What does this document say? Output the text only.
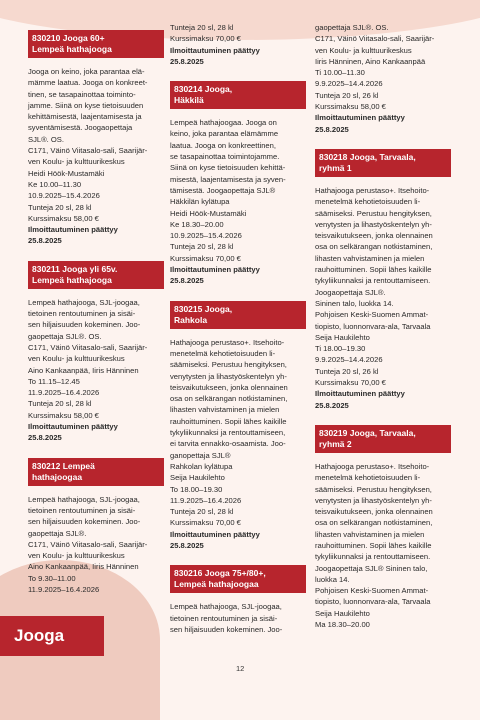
830210 Jooga 60+
Lempeä hathajooga
Jooga on keino, joka parantaa elä-
mämme laatua. Jooga on konkreet-
tinen, se tasapainottaa toiminto-
jamme. Siinä on kyse tietoisuuden
kehittämisestä, laajentamisesta ja
syventämisestä. Joogaopettaja
SJL®. OS.
C171, Väinö Viitasalo-sali, Saarijär-
ven Koulu- ja kulttuurikeskus
Heidi Höök-Mustamäki
Ke 10.00–11.30
10.9.2025–15.4.2026
Tunteja 20 sl, 28 kl
Kurssimaksu 58,00 €
Ilmoittautuminen päättyy
25.8.2025
830211 Jooga yli 65v.
Lempeä hathajooga
Lempeä hathajooga, SJL-joogaa,
tietoinen rentoutuminen ja sisäi-
sen hiljaisuuden kokeminen. Joo-
gaopettaja SJL®. OS.
C171, Väinö Viitasalo-sali, Saarijär-
ven Koulu- ja kulttuurikeskus
Aino Kankaanpää, Iiris Hänninen
To 11.15–12.45
11.9.2025–16.4.2026
Tunteja 20 sl, 28 kl
Kurssimaksu 58,00 €
Ilmoittautuminen päättyy
25.8.2025
830212 Lempeä
hathajoogaa
Lempeä hathajooga, SJL-joogaa,
tietoinen rentoutuminen ja sisäi-
sen hiljaisuuden kokeminen. Joo-
gaopettaja SJL®.
C171, Väinö Viitasalo-sali, Saarijär-
ven Koulu- ja kulttuurikeskus
Aino Kankaanpää, Iiris Hänninen
To 9.30–11.00
11.9.2025–16.4.2026
Tunteja 20 sl, 28 kl
Kurssimaksu 70,00 €
Ilmoittautuminen päättyy
25.8.2025
830214 Jooga,
Häkkilä
Lempeä hathajoogaa. Jooga on
keino, joka parantaa elämämme
laatua. Jooga on konkreettinen,
se tasapainottaa toimintojamme.
Siinä on kyse tietoisuuden kehittä-
misestä, laajentamisesta ja syven-
tämisestä. Joogaopettaja SJL®
Häkkilän kylätupa
Heidi Höök-Mustamäki
Ke 18.30–20.00
10.9.2025–15.4.2026
Tunteja 20 sl, 28 kl
Kurssimaksu 70,00 €
Ilmoittautuminen päättyy
25.8.2025
830215 Jooga,
Rahkola
Hathajooga perustaso+. Itsehoito-
menetelmä kehotietoisuuden li-
säämiseksi. Perustuu hengityksen,
venytysten ja lihastyöskentelyn yh-
teisvaikutukseen, jonka olennainen
osa on selkärangan notkistaminen,
lihasten vahvistaminen ja mielen
rauhoittuminen. Sopii lähes kaikille
tykyliikunnaksi ja rentouttamiseen,
ei tarvita ennakko-osaamista. Joo-
ganopettaja SJL®
Rahkolan kylätupa
Seija Haukilehto
To 18.00–19.30
11.9.2025–16.4.2026
Tunteja 20 sl, 28 kl
Kurssimaksu 70,00 €
Ilmoittautuminen päättyy
25.8.2025
830216 Jooga 75+/80+,
Lempeä hathajoogaa
Lempeä hathajooga, SJL-joogaa,
tietoinen rentoutuminen ja sisäi-
sen hiljaisuuden kokeminen. Joo-
gaopettaja SJL®. OS.
C171, Väinö Viitasalo-sali, Saarijär-
ven Koulu- ja kulttuurikeskus
Iiris Hänninen, Aino Kankaanpää
Ti 10.00–11.30
9.9.2025–14.4.2026
Tunteja 20 sl, 26 kl
Kurssimaksu 58,00 €
Ilmoittautuminen päättyy
25.8.2025
830218 Jooga, Tarvaala,
ryhmä 1
Hathajooga perustaso+. Itsehoito-
menetelmä kehotietoisuuden li-
säämiseksi. Perustuu hengityksen,
venytysten ja lihastyöskentelyn yh-
teisvaikutukseen, jonka olennainen
osa on selkärangan notkistaminen,
lihasten vahvistaminen ja mielen
rauhoittuminen. Sopii lähes kaikille
tykyliikunnaksi ja rentouttamiseen.
Joogaopettaja SJL®.
Sininen talo, luokka 14.
Pohjoisen Keski-Suomen Ammat-
tiopisto, luonnonvara-ala, Tarvaala
Seija Haukilehto
Ti 18.00–19.30
9.9.2025–14.4.2026
Tunteja 20 sl, 26 kl
Kurssimaksu 70,00 €
Ilmoittautuminen päättyy
25.8.2025
830219 Jooga, Tarvaala,
ryhmä 2
Hathajooga perustaso+. Itsehoito-
menetelmä kehotietoisuuden li-
säämiseksi. Perustuu hengityksen,
venytysten ja lihastyöskentelyn yh-
teisvaikutukseen, jonka olennainen
osa on selkärangan notkistaminen,
lihasten vahvistaminen ja mielen
rauhoittuminen. Sopii lähes kaikille
tykyliikunnaksi ja rentouttamiseen.
Joogaopettaja SJL® Sininen talo,
luokka 14.
Pohjoisen Keski-Suomen Ammat-
tiopisto, luonnonvara-ala, Tarvaala
Seija Haukilehto
Ma 18.30–20.00
Jooga
12
